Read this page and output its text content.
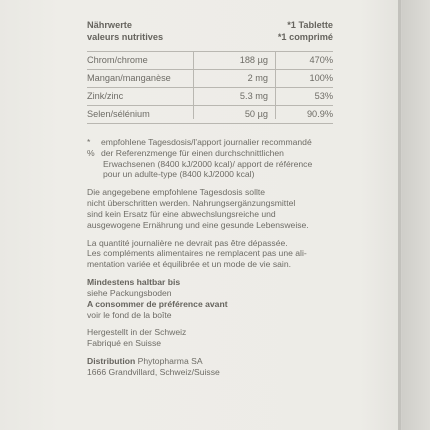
Nährwerte
valeurs nutritives
*1 Tablette
*1 comprimé
Chrom/chrome	188 µg	470%
Mangan/manganèse	2 mg	100%
Zink/zinc	5.3 mg	53%
Selen/sélénium	50 µg	90.9%
* empfohlene Tagesdosis/l'apport journalier recommandé
% der Referenzmenge für einen durchschnittlichen
Erwachsenen (8400 kJ/2000 kcal)/ apport de référence
pour un adulte-type (8400 kJ/2000 kcal)
Die angegebene empfohlene Tagesdosis sollte
nicht überschritten werden. Nahrungsergänzungsmittel
sind kein Ersatz für eine abwechslungsreiche und
ausgewogene Ernährung und eine gesunde Lebensweise.
La quantité journalière ne devrait pas être dépassée.
Les compléments alimentaires ne remplacent pas une ali-
mentation variée et équilibrée et un mode de vie sain.
Mindestens haltbar bis
siehe Packungsboden
A consommer de préférence avant
voir le fond de la boîte
Hergestellt in der Schweiz
Fabriqué en Suisse
Distribution Phytopharma SA
1666 Grandvillard, Schweiz/Suisse
